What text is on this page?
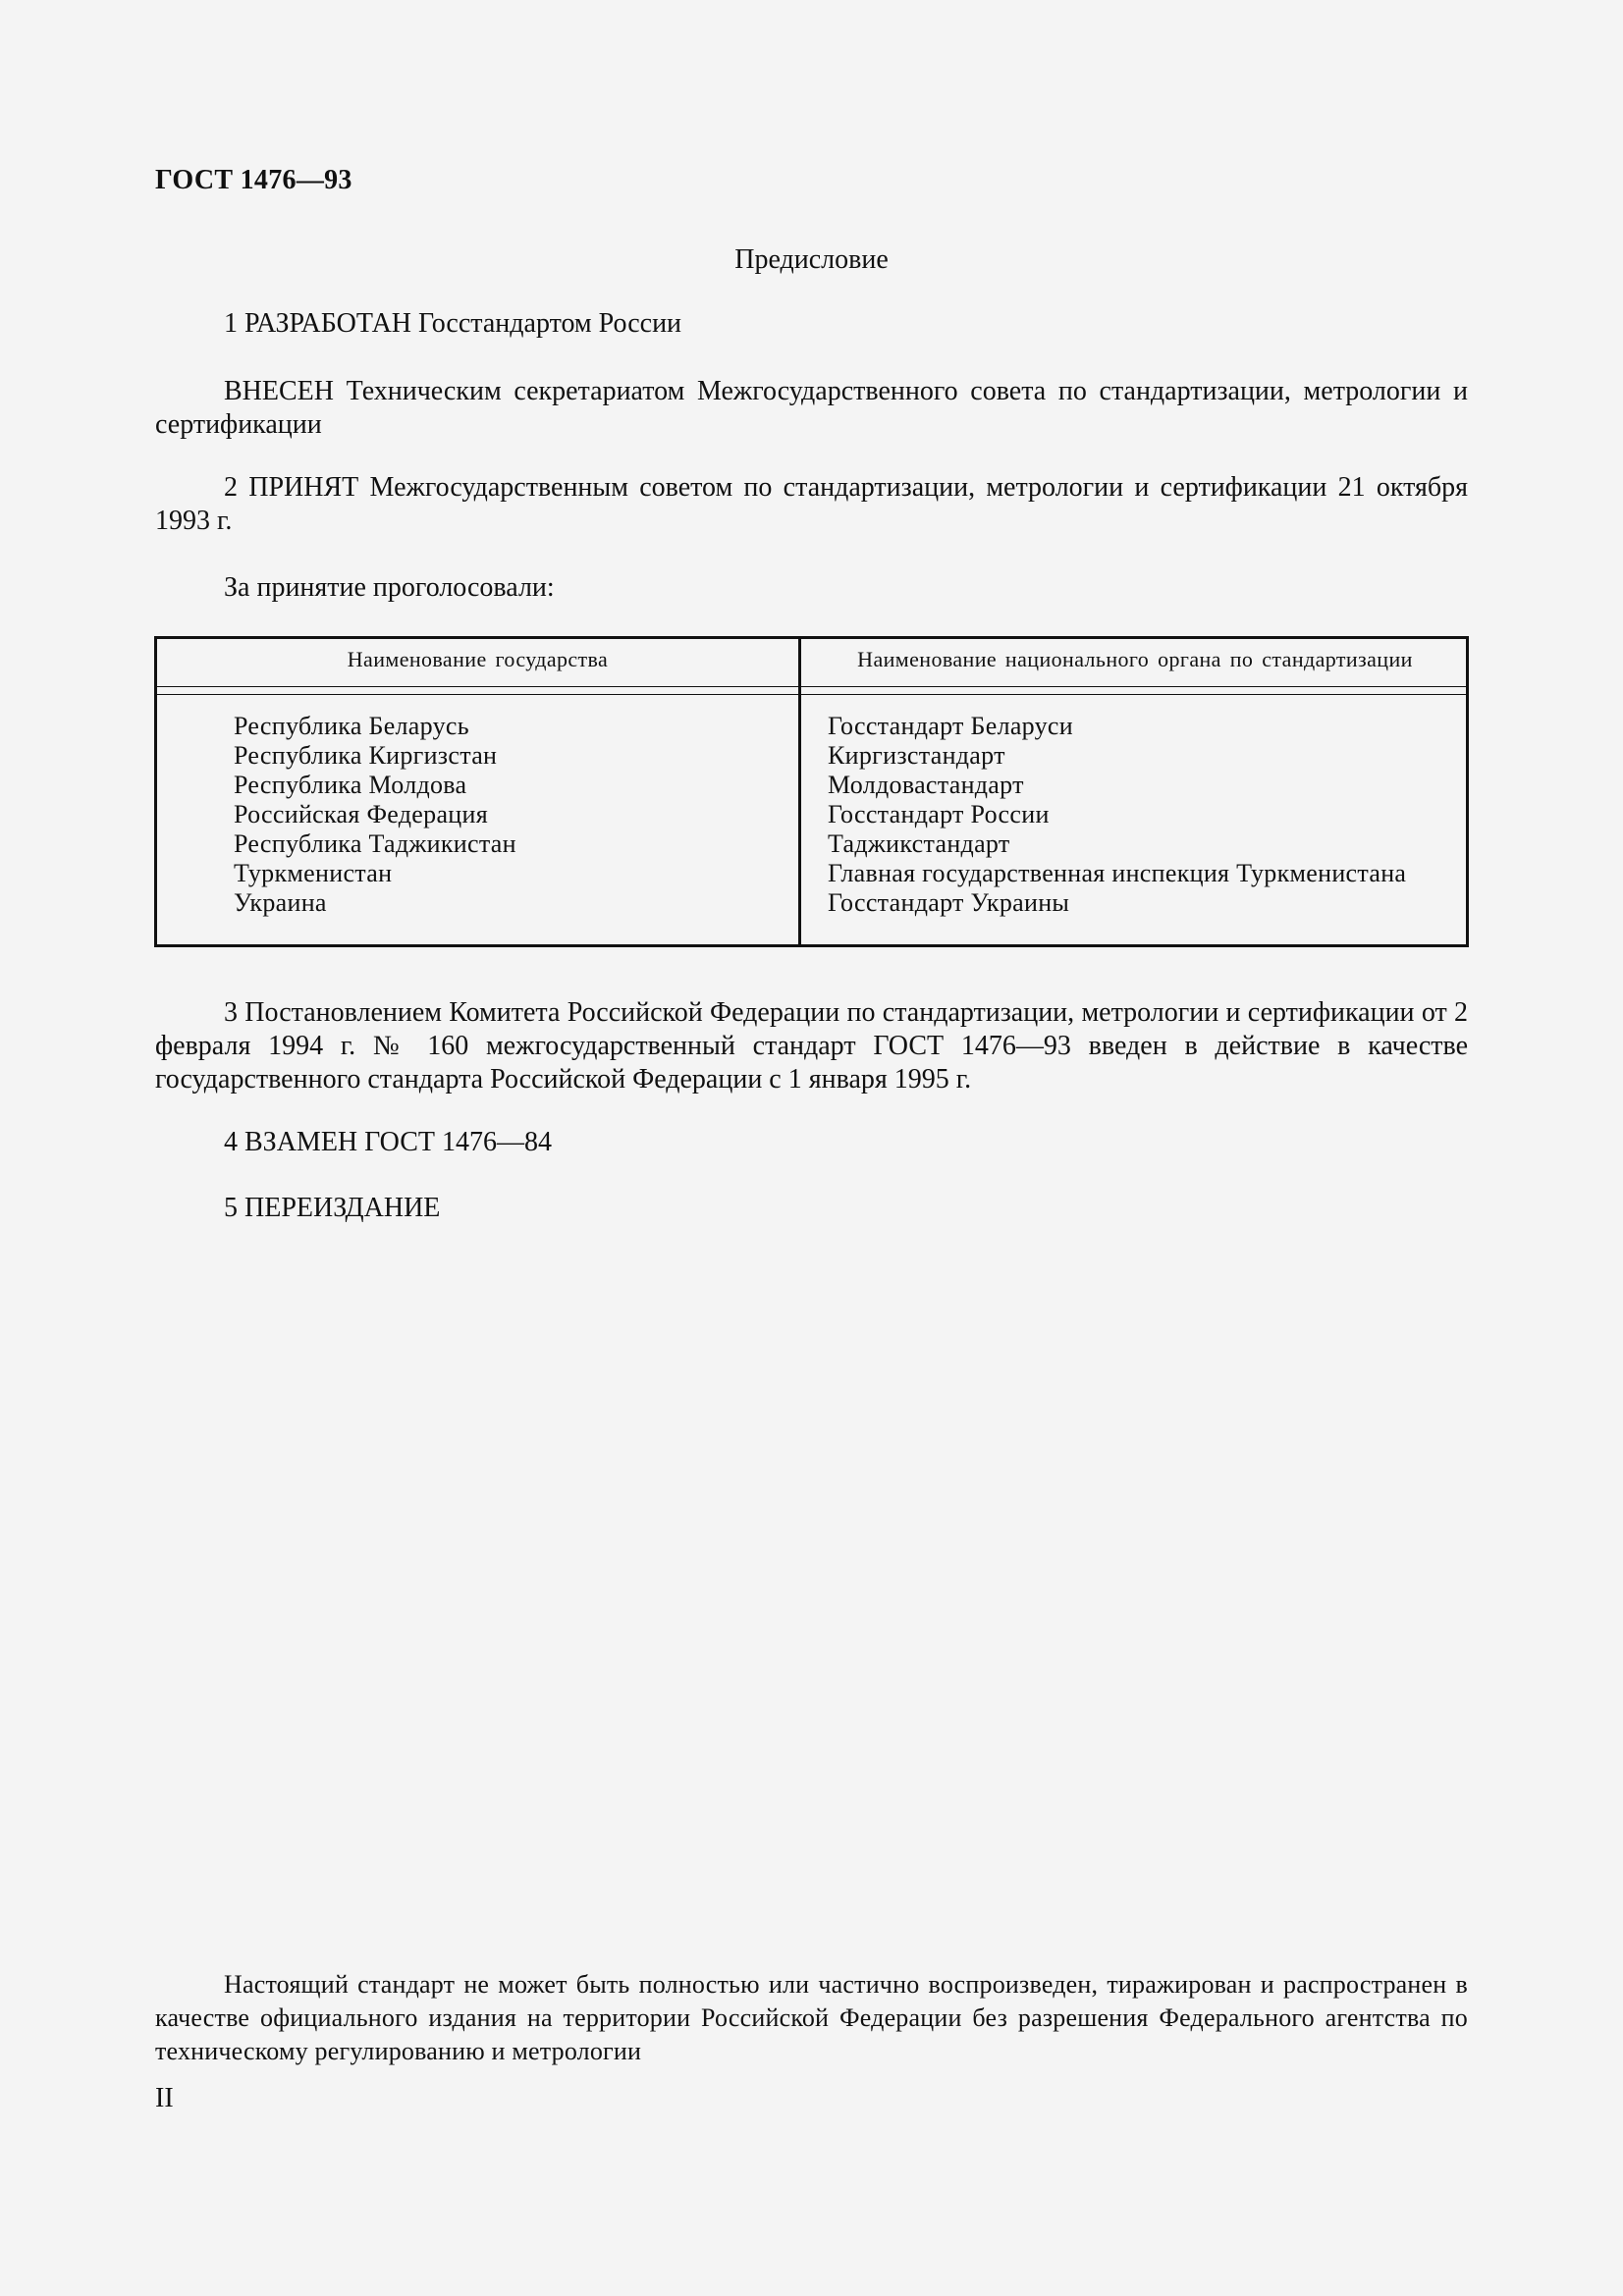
ГОСТ 1476—93
Предисловие
1 РАЗРАБОТАН Госстандартом России
ВНЕСЕН Техническим секретариатом Межгосударственного совета по стандартизации, метрологии и сертификации
2 ПРИНЯТ Межгосударственным советом по стандартизации, метрологии и сертификации 21 октября 1993 г.
За принятие проголосовали:
Наименование государства	Наименование национального органа по стандартизации
Республика Беларусь
Республика Киргизстан
Республика Молдова
Российская Федерация
Республика Таджикистан
Туркменистан
Украина
Госстандарт Беларуси
Киргизстандарт
Молдовастандарт
Госстандарт России
Таджикстандарт
Главная государственная инспекция Туркменистана
Госстандарт Украины
3 Постановлением Комитета Российской Федерации по стандартизации, метрологии и сертификации от 2 февраля 1994 г. № 160 межгосударственный стандарт ГОСТ 1476—93 введен в действие в качестве государственного стандарта Российской Федерации с 1 января 1995 г.
4 ВЗАМЕН ГОСТ 1476—84
5 ПЕРЕИЗДАНИЕ
Настоящий стандарт не может быть полностью или частично воспроизведен, тиражирован и распространен в качестве официального издания на территории Российской Федерации без разрешения Федерального агентства по техническому регулированию и метрологии
II
